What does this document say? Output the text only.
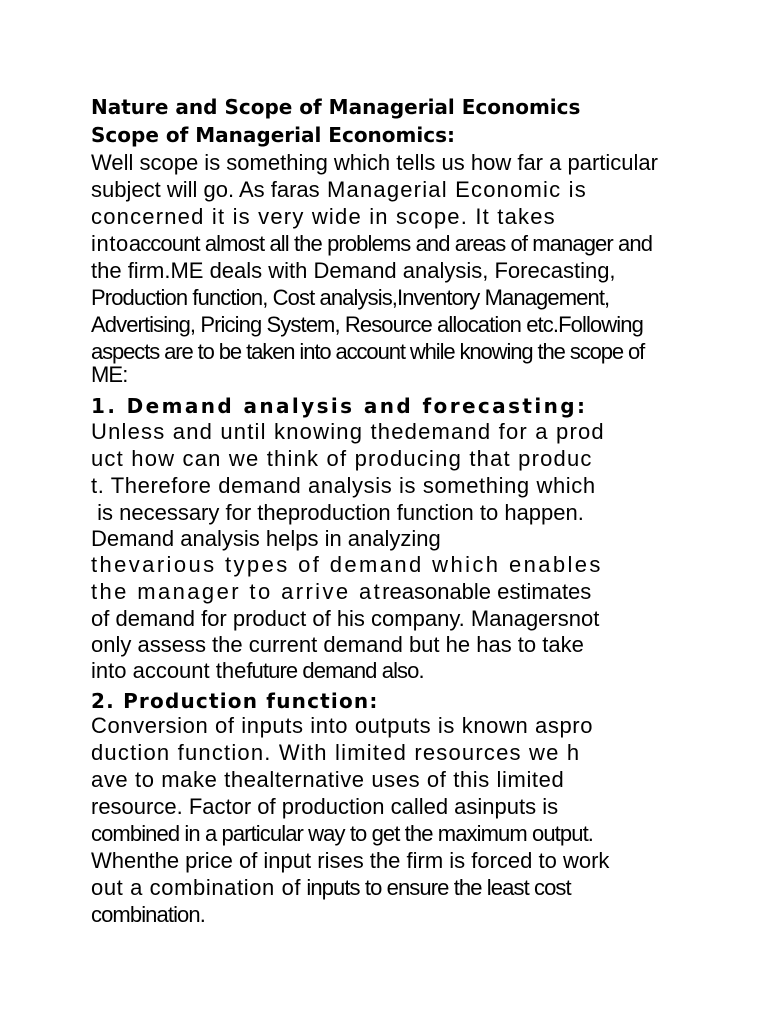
Nature and Scope of Managerial Economics
Scope of Managerial Economics:
Well scope is something which tells us how far a particular
subject will go. As faras Managerial Economic is
concerned it is very wide in scope. It takes
intoaccount almost all the problems and areas of manager and
the firm.ME deals with Demand analysis, Forecasting,
Production function, Cost analysis,Inventory Management,
Advertising, Pricing System, Resource allocation etc.Following
aspects are to be taken into account while knowing the scope of
ME:
1. Demand analysis and forecasting:
Unless and until knowing thedemand for a prod
uct how can we think of producing that produc
t. Therefore demand analysis is something which
is necessary for theproduction function to happen.
Demand analysis helps in analyzing
thevarious types of demand which enables
the manager to arrive atreasonable estimates
of demand for product of his company. Managersnot
only assess the current demand but he has to take
into account thefuture demand also.
2. Production function:
Conversion of inputs into outputs is known aspro
duction function. With limited resources we h
ave to make thealternative uses of this limited
resource. Factor of production called asinputs is
combined in a particular way to get the maximum output.
Whenthe price of input rises the firm is forced to work
out a combination of inputs to ensure the least cost
combination.
